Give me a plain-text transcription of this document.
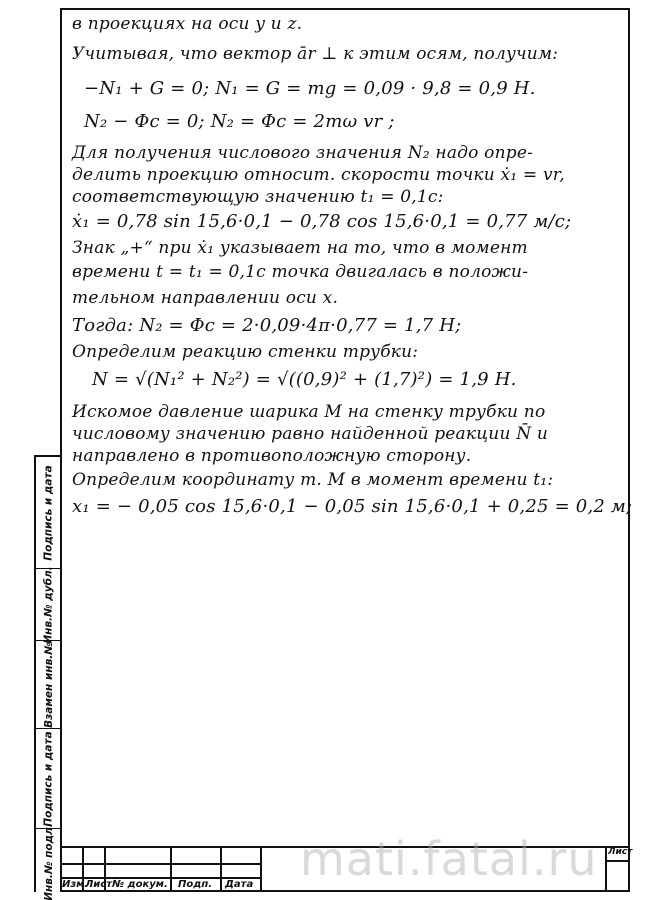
в проекциях на оси y и z.
Учитывая, что вектор ār ⊥ к этим осям, получим:
−N₁ + G = 0; N₁ = G = mg = 0,09 · 9,8 = 0,9 H.
N₂ − Φc = 0; N₂ = Φc = 2mω vr ;
Для получения числового значения N₂ надо опре-
делить проекцию относит. скорости точки ẋ₁ = vr,
соответствующую значению t₁ = 0,1c:
ẋ₁ = 0,78 sin 15,6·0,1 − 0,78 cos 15,6·0,1 = 0,77 м/c;
Знак „+“ при ẋ₁ указывает на то, что в момент
времени t = t₁ = 0,1c точка двигалась в положи-
тельном направлении оси x.
Тогда: N₂ = Φc = 2·0,09·4π·0,77 = 1,7 H;
Определим реакцию стенки трубки:
N = √(N₁² + N₂²) = √((0,9)² + (1,7)²) = 1,9 H.
Искомое давление шарика M на стенку трубки по
числовому значению равно найденной реакции N̄ и
направлено в противоположную сторону.
Определим координату т. M в момент времени t₁:
x₁ = − 0,05 cos 15,6·0,1 − 0,05 sin 15,6·0,1 + 0,25 = 0,2 м;
Подпись и дата
Инв.№ дубл.
Взамен инв.№
Подпись и дата
Инв.№ подл. Изм.
Лист № докум. Подп. Дата
Лист
mati.fatal.ru
